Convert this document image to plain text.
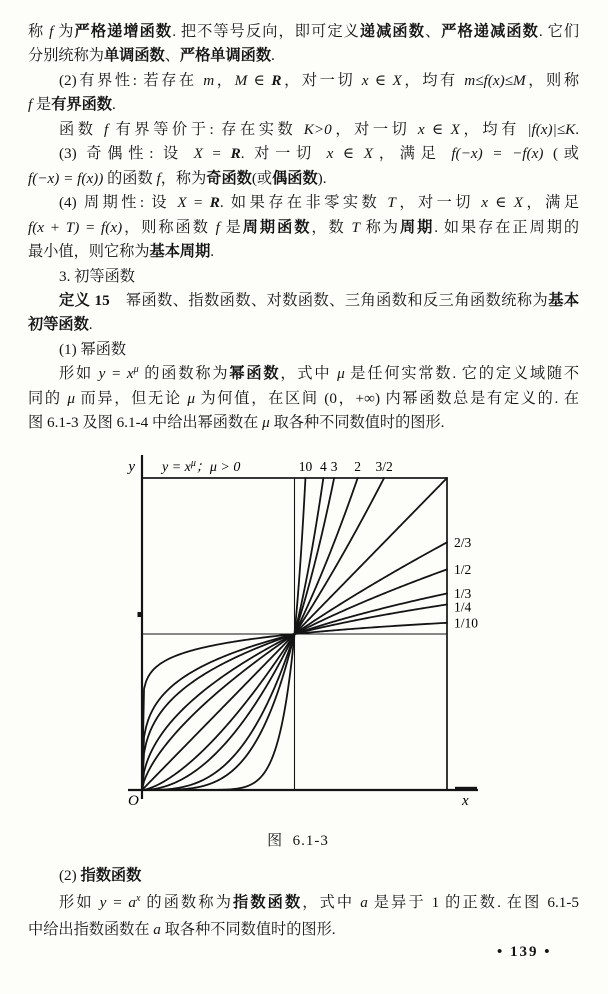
称 f 为严格递增函数. 把不等号反向，即可定义递减函数、严格递减函数. 它们
分别统称为单调函数、严格单调函数.
(2)有界性: 若存在 m，M ∈ R，对一切 x ∈ X，均有 m≤f(x)≤M，则称
f 是有界函数.
函数 f 有界等价于: 存在实数 K>0，对一切 x ∈ X，均有 |f(x)|≤K.
(3) 奇偶性: 设 X = R. 对一切 x ∈ X，满足 f(−x) = −f(x) (或
f(−x) = f(x)) 的函数 f，称为奇函数(或偶函数).
(4) 周期性: 设 X = R. 如果存在非零实数 T，对一切 x ∈ X，满足
f(x + T) = f(x)，则称函数 f 是周期函数，数 T 称为周期. 如果存在正周期的
最小值，则它称为基本周期.
3. 初等函数
定义 15　幂函数、指数函数、对数函数、三角函数和反三角函数统称为基本
初等函数.
(1) 幂函数
形如 $y = x^\mu$ 的函数称为幂函数，式中 μ 是任何实常数. 它的定义域随不
同的 μ 而异，但无论 μ 为何值，在区间 (0，+∞) 内幂函数总是有定义的. 在
图 6.1-3 及图 6.1-4 中给出幂函数在 μ 取各种不同数值时的图形.
y
x
O
$y = x^\mu$；μ > 0	10 4 3 2 3/2
2/3
1/2
1/3
1/4
1/10
图  6.1-3
(2) 指数函数
形如 $y = a^x$ 的函数称为指数函数，式中 a 是异于 1 的正数. 在图 6.1-5
中给出指数函数在 a 取各种不同数值时的图形.
• 139 •
